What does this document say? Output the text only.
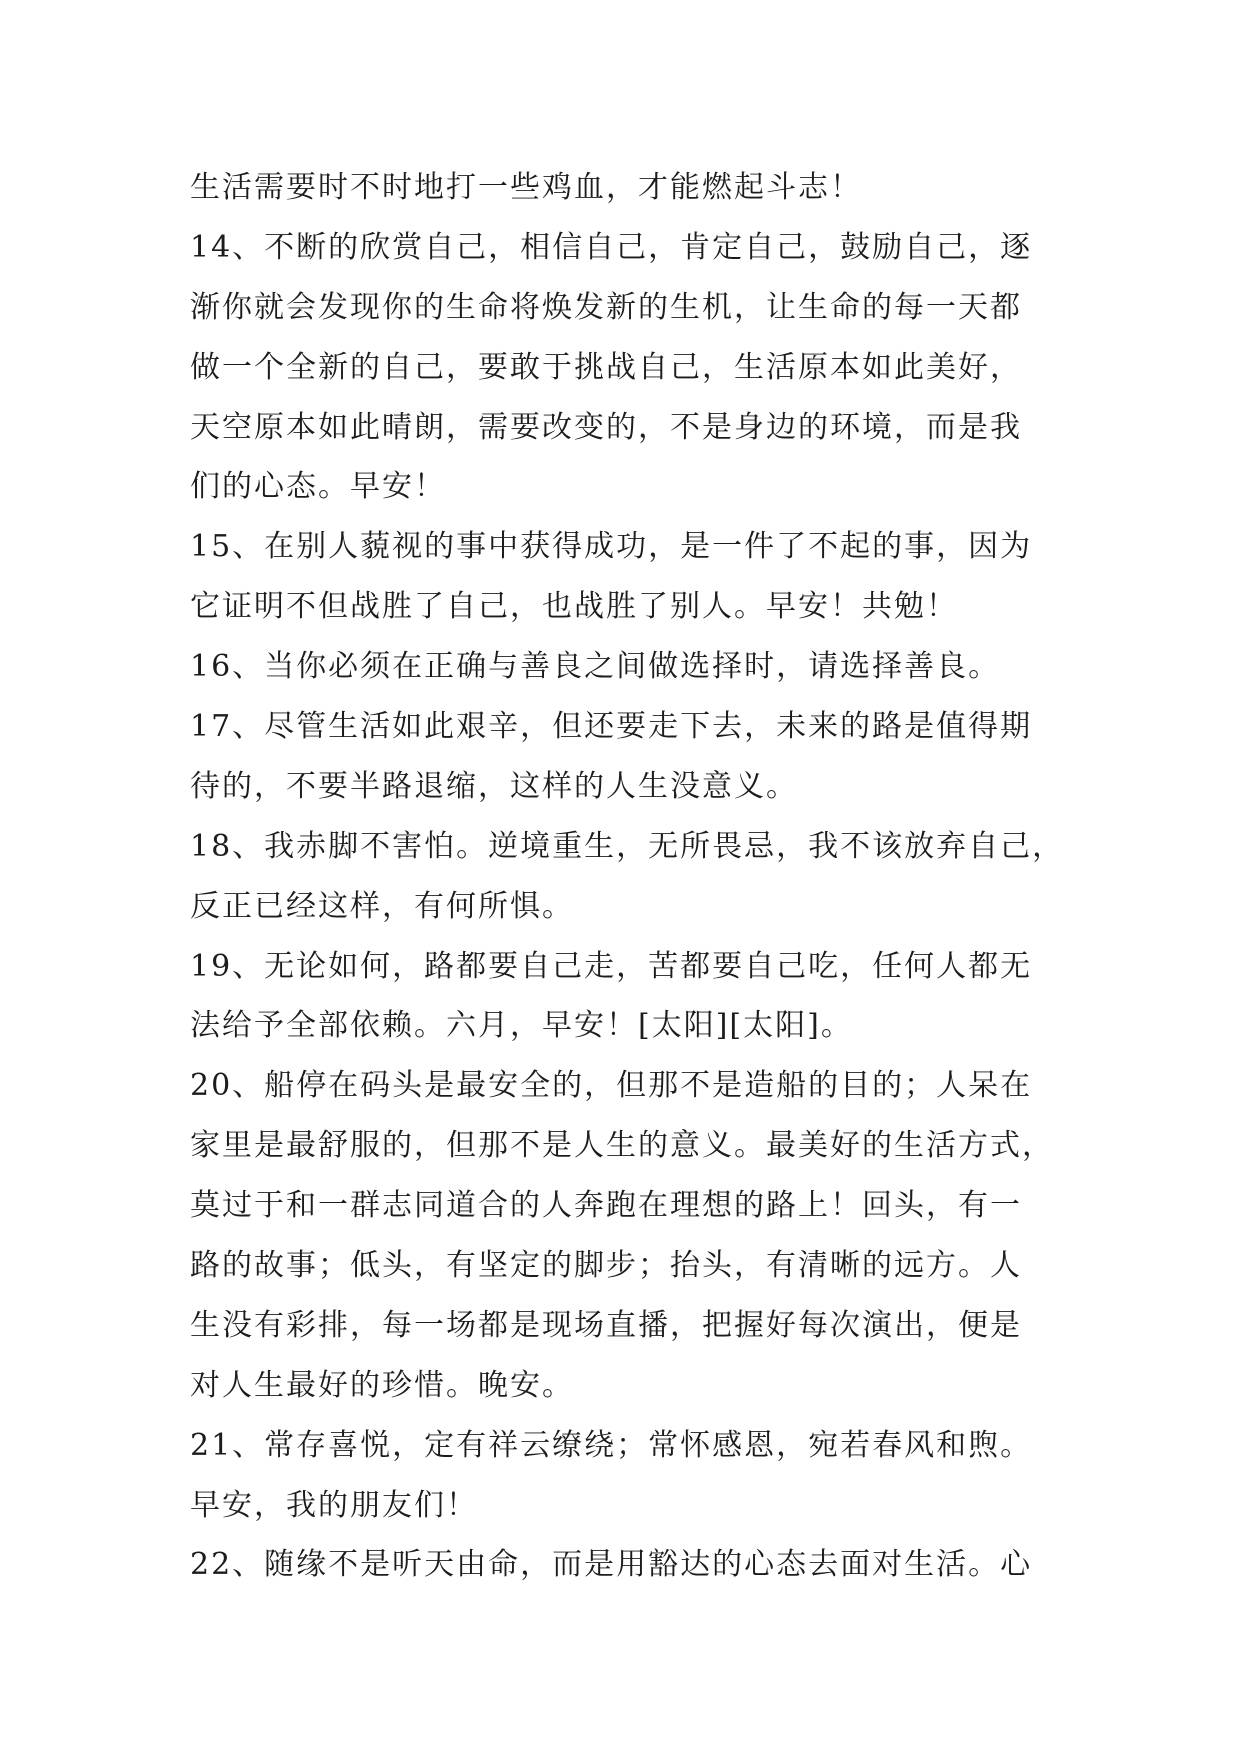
生活需要时不时地打一些鸡血，才能燃起斗志！
14、不断的欣赏自己，相信自己，肯定自己，鼓励自己，逐
渐你就会发现你的生命将焕发新的生机，让生命的每一天都
做一个全新的自己，要敢于挑战自己，生活原本如此美好，
天空原本如此晴朗，需要改变的，不是身边的环境，而是我
们的心态。早安！
15、在别人藐视的事中获得成功，是一件了不起的事，因为
它证明不但战胜了自己，也战胜了别人。早安！共勉！
16、当你必须在正确与善良之间做选择时，请选择善良。
17、尽管生活如此艰辛，但还要走下去，未来的路是值得期
待的，不要半路退缩，这样的人生没意义。
18、我赤脚不害怕。逆境重生，无所畏忌，我不该放弃自己，
反正已经这样，有何所惧。
19、无论如何，路都要自己走，苦都要自己吃，任何人都无
法给予全部依赖。六月，早安！[太阳][太阳]。
20、船停在码头是最安全的，但那不是造船的目的；人呆在
家里是最舒服的，但那不是人生的意义。最美好的生活方式，
莫过于和一群志同道合的人奔跑在理想的路上！回头，有一
路的故事；低头，有坚定的脚步；抬头，有清晰的远方。人
生没有彩排，每一场都是现场直播，把握好每次演出，便是
对人生最好的珍惜。晚安。
21、常存喜悦，定有祥云缭绕；常怀感恩，宛若春风和煦。
早安，我的朋友们！
22、随缘不是听天由命，而是用豁达的心态去面对生活。心
